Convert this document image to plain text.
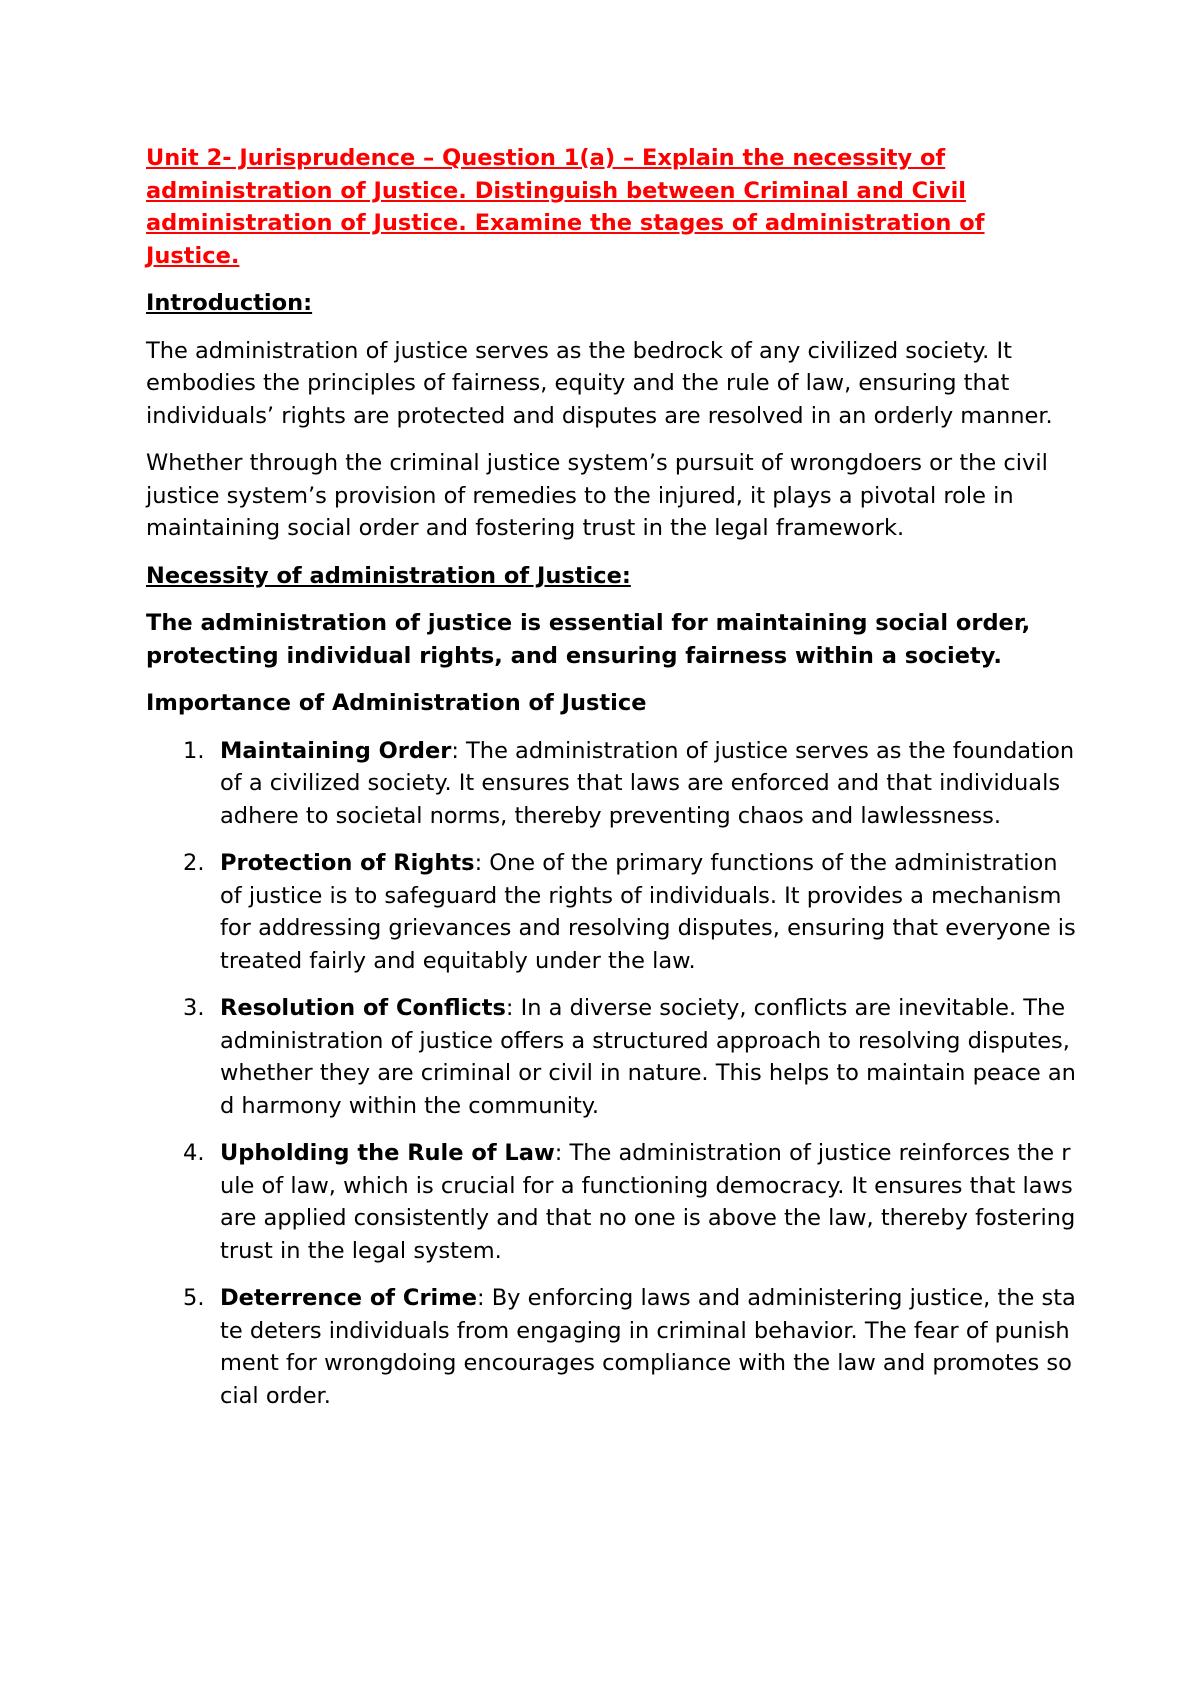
Unit 2- Jurisprudence – Question 1(a) – Explain the necessity of administration of Justice. Distinguish between Criminal and Civil administration of Justice. Examine the stages of administration of Justice.

Introduction:

The administration of justice serves as the bedrock of any civilized society. It embodies the principles of fairness, equity and the rule of law, ensuring that individuals’ rights are protected and disputes are resolved in an orderly manner.

Whether through the criminal justice system’s pursuit of wrongdoers or the civil justice system’s provision of remedies to the injured, it plays a pivotal role in maintaining social order and fostering trust in the legal framework.

Necessity of administration of Justice:

The administration of justice is essential for maintaining social order, protecting individual rights, and ensuring fairness within a society.

Importance of Administration of Justice

1. Maintaining Order: The administration of justice serves as the foundation of a civilized society. It ensures that laws are enforced and that individuals adhere to societal norms, thereby preventing chaos and lawlessness.
2. Protection of Rights: One of the primary functions of the administration of justice is to safeguard the rights of individuals. It provides a mechanism for addressing grievances and resolving disputes, ensuring that everyone is treated fairly and equitably under the law.
3. Resolution of Conflicts: In a diverse society, conflicts are inevitable. The administration of justice offers a structured approach to resolving disputes, whether they are criminal or civil in nature. This helps to maintain peace and harmony within the community.
4. Upholding the Rule of Law: The administration of justice reinforces the rule of law, which is crucial for a functioning democracy. It ensures that laws are applied consistently and that no one is above the law, thereby fostering trust in the legal system.
5. Deterrence of Crime: By enforcing laws and administering justice, the state deters individuals from engaging in criminal behavior. The fear of punishment for wrongdoing encourages compliance with the law and promotes social order.
